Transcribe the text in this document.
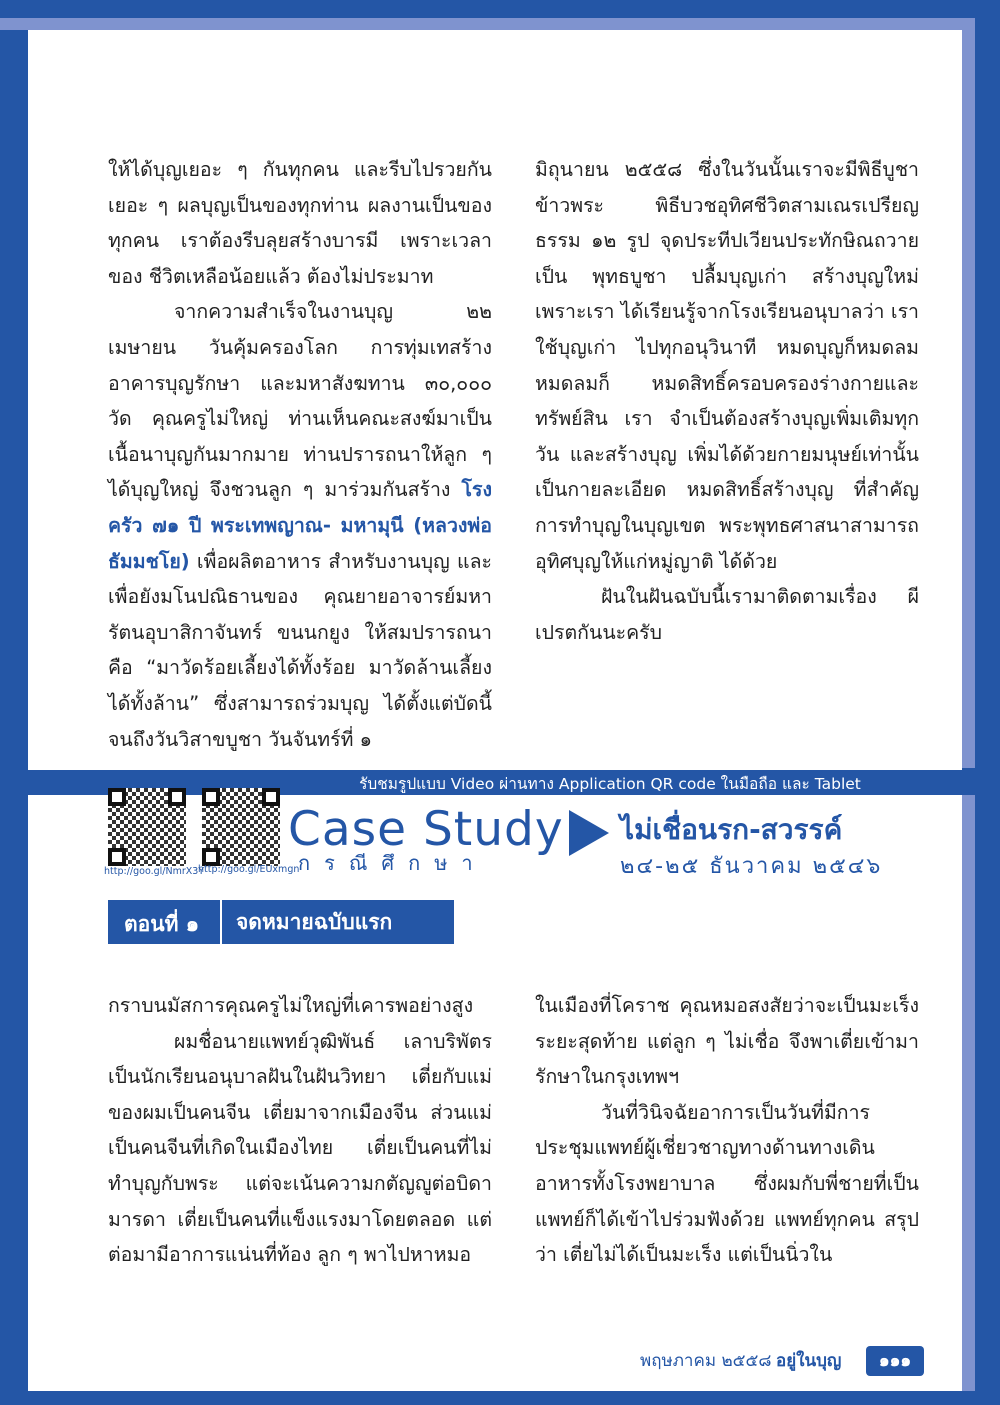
ให้ได้บุญเยอะ ๆ กันทุกคน และรีบไปรวยกัน เยอะ ๆ ผลบุญเป็นของทุกท่าน ผลงานเป็นของ ทุกคน เราต้องรีบลุยสร้างบารมี เพราะเวลาของ ชีวิตเหลือน้อยแล้ว ต้องไม่ประมาท

จากความสำเร็จในงานบุญ ๒๒ เมษายน วันคุ้มครองโลก การทุ่มเทสร้างอาคารบุญรักษา และมหาสังฆทาน ๓๐,๐๐๐ วัด คุณครูไม่ใหญ่ ท่านเห็นคณะสงฆ์มาเป็นเนื้อนาบุญกันมากมาย ท่านปรารถนาให้ลูก ๆ ได้บุญใหญ่ จึงชวนลูก ๆ มาร่วมกันสร้าง โรงครัว ๗๑ ปี พระเทพญาณ- มหามุนี (หลวงพ่อธัมมชโย) เพื่อผลิตอาหาร สำหรับงานบุญ และเพื่อยังมโนปณิธานของ คุณยายอาจารย์มหารัตนอุบาสิกาจันทร์ ขนนกยูง ให้สมปรารถนา คือ “มาวัดร้อยเลี้ยงได้ทั้งร้อย มาวัดล้านเลี้ยงได้ทั้งล้าน” ซึ่งสามารถร่วมบุญ ได้ตั้งแต่บัดนี้จนถึงวันวิสาขบูชา วันจันทร์ที่ ๑

มิถุนายน ๒๕๕๘ ซึ่งในวันนั้นเราจะมีพิธีบูชา ข้าวพระ พิธีบวชอุทิศชีวิตสามเณรเปรียญธรรม ๑๒ รูป จุดประทีปเวียนประทักษิณถวายเป็น พุทธบูชา ปลื้มบุญเก่า สร้างบุญใหม่ เพราะเรา ได้เรียนรู้จากโรงเรียนอนุบาลว่า เราใช้บุญเก่า ไปทุกอนุวินาที หมดบุญก็หมดลม หมดลมก็ หมดสิทธิ์ครอบครองร่างกายและทรัพย์สิน เรา จำเป็นต้องสร้างบุญเพิ่มเติมทุกวัน และสร้างบุญ เพิ่มได้ด้วยกายมนุษย์เท่านั้น เป็นกายละเอียด หมดสิทธิ์สร้างบุญ ที่สำคัญการทำบุญในบุญเขต พระพุทธศาสนาสามารถอุทิศบุญให้แก่หมู่ญาติ ได้ด้วย

ฝันในฝันฉบับนี้เรามาติดตามเรื่อง ผีเปรตกันนะครับ

รับชมรูปแบบ Video ผ่านทาง Application QR code ในมือถือ และ Tablet
http://goo.gl/NmrX3Y
http://goo.gl/EUxmgn
Case Study
กรณีศึกษา
ไม่เชื่อนรก-สวรรค์
๒๔-๒๕ ธันวาคม ๒๕๔๖
ตอนที่ ๑	จดหมายฉบับแรก

กราบนมัสการคุณครูไม่ใหญ่ที่เคารพอย่างสูง

ผมชื่อนายแพทย์วุฒิพันธ์ เลาบริพัตร เป็นนักเรียนอนุบาลฝันในฝันวิทยา เตี่ยกับแม่ ของผมเป็นคนจีน เตี่ยมาจากเมืองจีน ส่วนแม่ เป็นคนจีนที่เกิดในเมืองไทย เตี่ยเป็นคนที่ไม่ ทำบุญกับพระ แต่จะเน้นความกตัญญูต่อบิดา มารดา เตี่ยเป็นคนที่แข็งแรงมาโดยตลอด แต่ ต่อมามีอาการแน่นที่ท้อง ลูก ๆ พาไปหาหมอ

ในเมืองที่โคราช คุณหมอสงสัยว่าจะเป็นมะเร็ง ระยะสุดท้าย แต่ลูก ๆ ไม่เชื่อ จึงพาเตี่ยเข้ามา รักษาในกรุงเทพฯ

วันที่วินิจฉัยอาการเป็นวันที่มีการ ประชุมแพทย์ผู้เชี่ยวชาญทางด้านทางเดิน อาหารทั้งโรงพยาบาล ซึ่งผมกับพี่ชายที่เป็น แพทย์ก็ได้เข้าไปร่วมฟังด้วย แพทย์ทุกคน สรุปว่า เตี่ยไม่ได้เป็นมะเร็ง แต่เป็นนิ่วใน

พฤษภาคม ๒๕๕๘ อยู่ในบุญ	๑๑๑
